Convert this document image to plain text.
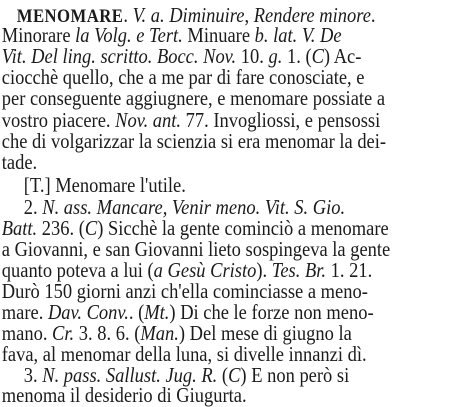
MENOMARE. V. a. Diminuire, Rendere minore.
Minorare la Volg. e Tert. Minuare b. lat. V. De
Vit. Del ling. scritto. Bocc. Nov. 10. g. 1. (C) Ac-
ciocchè quello, che a me par di fare conosciate, e
per conseguente aggiugnere, e menomare possiate a
vostro piacere. Nov. ant. 77. Invogliossi, e pensossi
che di volgarizzar la scienzia si era menomar la dei-
tade.
[T.] Menomare l'utile.
2. N. ass. Mancare, Venir meno. Vit. S. Gio.
Batt. 236. (C) Sicchè la gente cominciò a menomare
a Giovanni, e san Giovanni lieto sospingeva la gente
quanto poteva a lui (a Gesù Cristo). Tes. Br. 1. 21.
Durò 150 giorni anzi ch'ella cominciasse a meno-
mare. Dav. Conv.. (Mt.) Di che le forze non meno-
mano. Cr. 3. 8. 6. (Man.) Del mese di giugno la
fava, al menomar della luna, si divelle innanzi dì.
3. N. pass. Sallust. Jug. R. (C) E non però si
menoma il desiderio di Giugurta.
